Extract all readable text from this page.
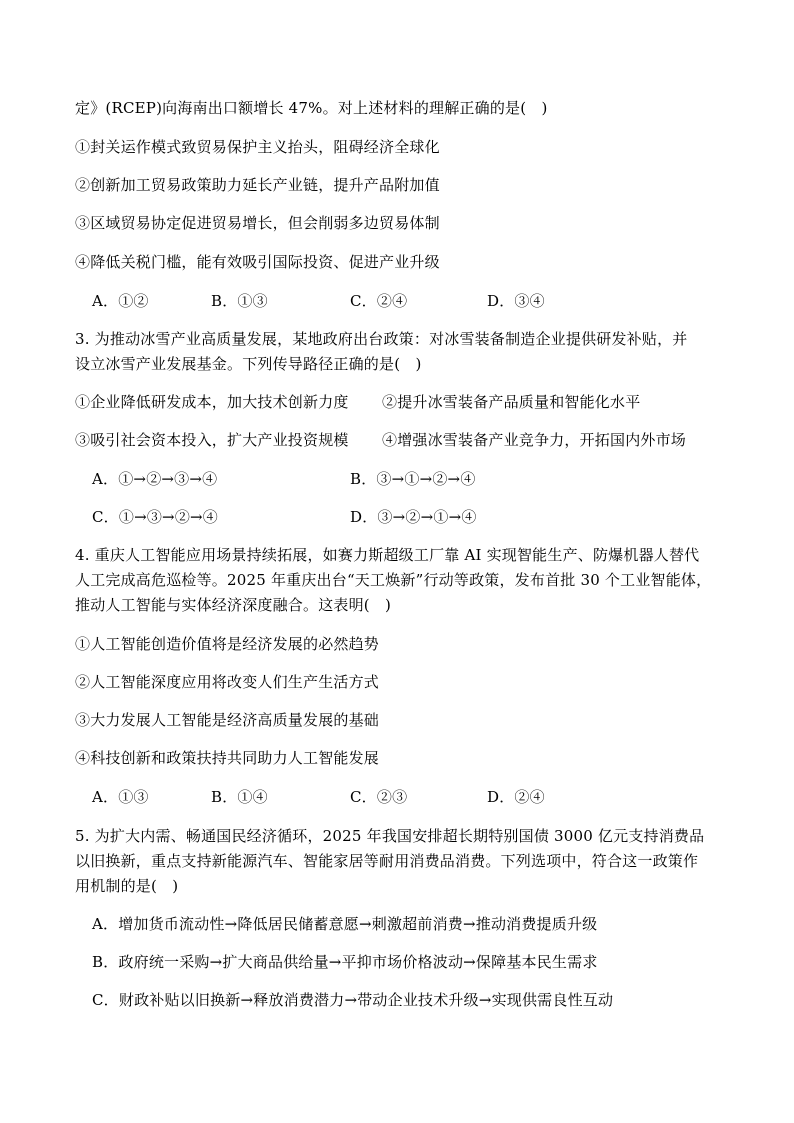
定》(RCEP)向海南出口额增长 47%。对上述材料的理解正确的是(　)
①封关运作模式致贸易保护主义抬头，阻碍经济全球化
②创新加工贸易政策助力延长产业链，提升产品附加值
③区域贸易协定促进贸易增长，但会削弱多边贸易体制
④降低关税门槛，能有效吸引国际投资、促进产业升级
A．①②	B．①③	C．②④	D．③④
3. 为推动冰雪产业高质量发展，某地政府出台政策：对冰雪装备制造企业提供研发补贴，并
设立冰雪产业发展基金。下列传导路径正确的是(　)
①企业降低研发成本，加大技术创新力度 ②提升冰雪装备产品质量和智能化水平
③吸引社会资本投入，扩大产业投资规模 ④增强冰雪装备产业竞争力，开拓国内外市场
A．①→②→③→④	B．③→①→②→④
C．①→③→②→④	D．③→②→①→④
4. 重庆人工智能应用场景持续拓展，如赛力斯超级工厂靠 AI 实现智能生产、防爆机器人替代
人工完成高危巡检等。2025 年重庆出台“天工焕新”行动等政策，发布首批 30 个工业智能体，
推动人工智能与实体经济深度融合。这表明(　)
①人工智能创造价值将是经济发展的必然趋势
②人工智能深度应用将改变人们生产生活方式
③大力发展人工智能是经济高质量发展的基础
④科技创新和政策扶持共同助力人工智能发展
A．①③	B．①④	C．②③	D．②④
5. 为扩大内需、畅通国民经济循环，2025 年我国安排超长期特别国债 3000 亿元支持消费品
以旧换新，重点支持新能源汽车、智能家居等耐用消费品消费。下列选项中，符合这一政策作
用机制的是(　)
A．增加货币流动性→降低居民储蓄意愿→刺激超前消费→推动消费提质升级
B．政府统一采购→扩大商品供给量→平抑市场价格波动→保障基本民生需求
C．财政补贴以旧换新→释放消费潜力→带动企业技术升级→实现供需良性互动
